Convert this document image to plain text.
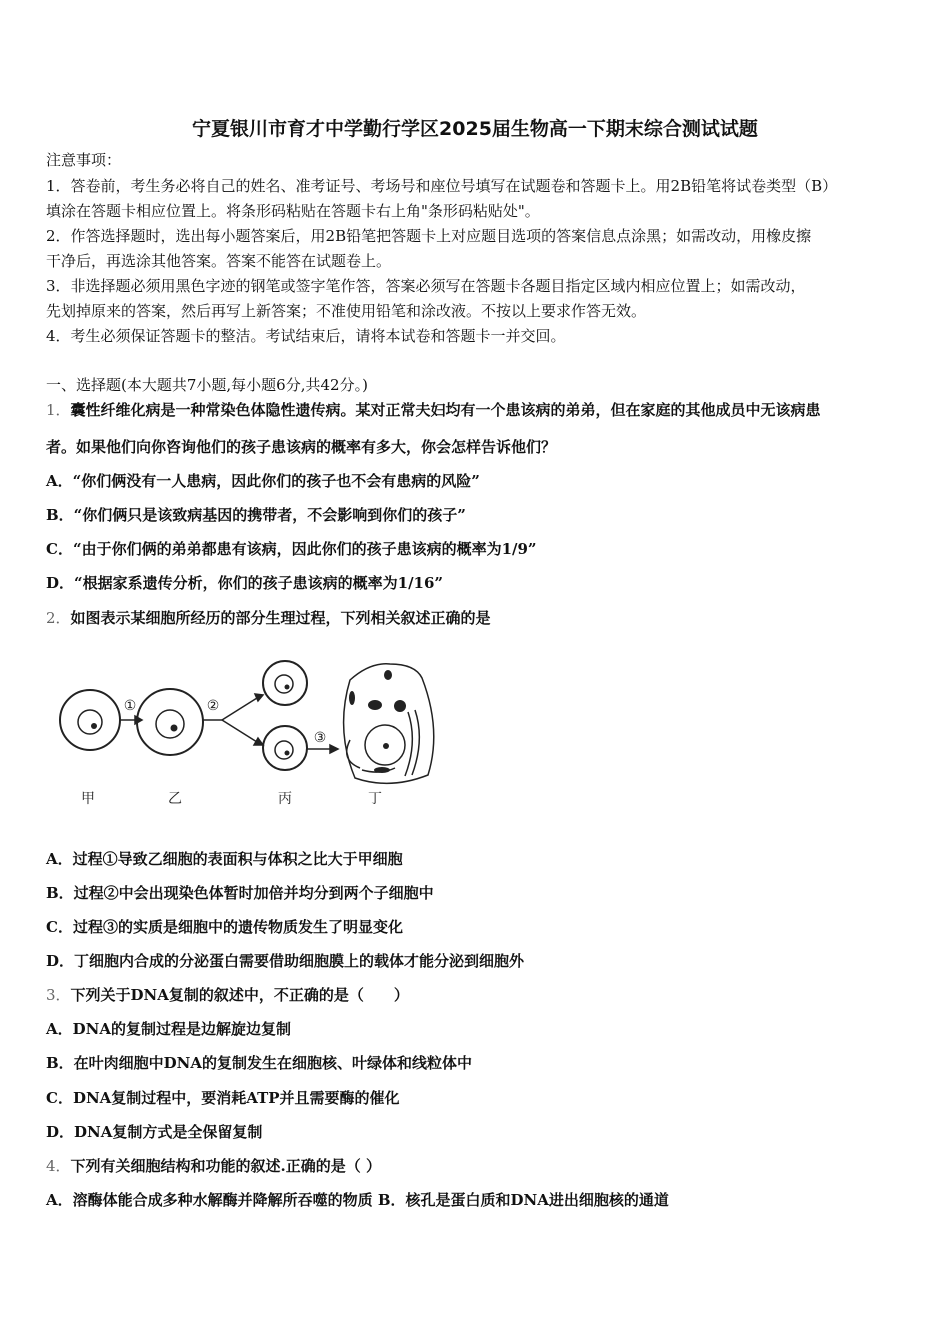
宁夏银川市育才中学勤行学区2025届生物高一下期末综合测试试题
注意事项：
1．答卷前，考生务必将自己的姓名、准考证号、考场号和座位号填写在试题卷和答题卡上。用2B铅笔将试卷类型（B）
填涂在答题卡相应位置上。将条形码粘贴在答题卡右上角"条形码粘贴处"。
2．作答选择题时，选出每小题答案后，用2B铅笔把答题卡上对应题目选项的答案信息点涂黑；如需改动，用橡皮擦
干净后，再选涂其他答案。答案不能答在试题卷上。
3．非选择题必须用黑色字迹的钢笔或签字笔作答，答案必须写在答题卡各题目指定区域内相应位置上；如需改动，
先划掉原来的答案，然后再写上新答案；不准使用铅笔和涂改液。不按以上要求作答无效。
4．考生必须保证答题卡的整洁。考试结束后，请将本试卷和答题卡一并交回。
一、选择题(本大题共7小题,每小题6分,共42分。)
1．囊性纤维化病是一种常染色体隐性遗传病。某对正常夫妇均有一个患该病的弟弟，但在家庭的其他成员中无该病患
者。如果他们向你咨询他们的孩子患该病的概率有多大，你会怎样告诉他们？
A．“你们俩没有一人患病，因此你们的孩子也不会有患病的风险”
B．“你们俩只是该致病基因的携带者，不会影响到你们的孩子”
C．“由于你们俩的弟弟都患有该病，因此你们的孩子患该病的概率为1/9”
D．“根据家系遗传分析，你们的孩子患该病的概率为1/16”
2．如图表示某细胞所经历的部分生理过程，下列相关叙述正确的是
①	②
③
甲	乙	丙	丁
A．过程①导致乙细胞的表面积与体积之比大于甲细胞
B．过程②中会出现染色体暂时加倍并均分到两个子细胞中
C．过程③的实质是细胞中的遗传物质发生了明显变化
D．丁细胞内合成的分泌蛋白需要借助细胞膜上的载体才能分泌到细胞外
3．下列关于DNA复制的叙述中，不正确的是（　　）
A．DNA的复制过程是边解旋边复制
B．在叶肉细胞中DNA的复制发生在细胞核、叶绿体和线粒体中
C．DNA复制过程中，要消耗ATP并且需要酶的催化
D．DNA复制方式是全保留复制
4．下列有关细胞结构和功能的叙述.正确的是（ ）
A．溶酶体能合成多种水解酶并降解所吞噬的物质 B．核孔是蛋白质和DNA进出细胞核的通道
